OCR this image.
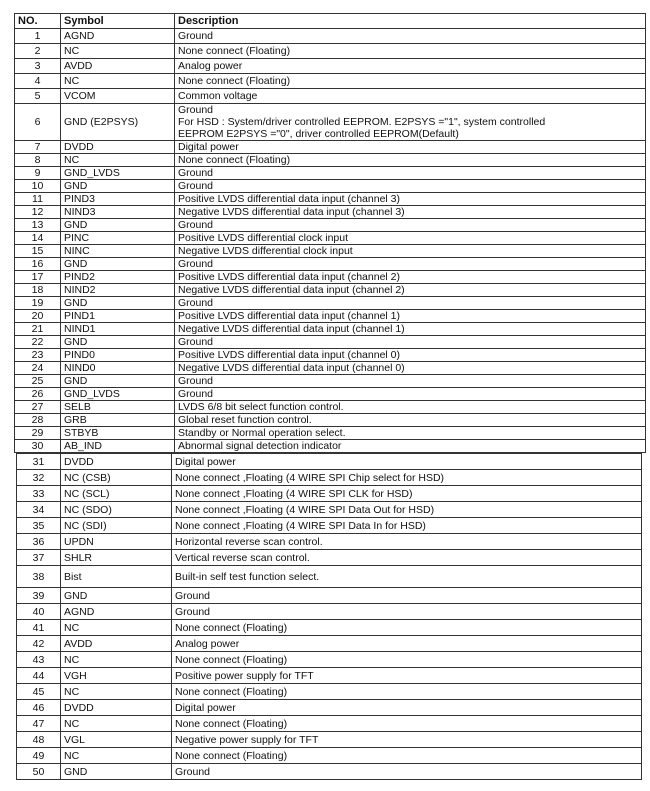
NO.	Symbol	Description
1	AGND	Ground
2	NC	None connect (Floating)
3	AVDD	Analog power
4	NC	None connect (Floating)
5	VCOM	Common voltage
6	GND (E2PSYS)	Ground
For HSD : System/driver controlled EEPROM. E2PSYS ="1", system controlled
EEPROM E2PSYS ="0", driver controlled EEPROM(Default)

7	DVDD	Digital power
8	NC	None connect (Floating)
9	GND_LVDS	Ground
10	GND	Ground
11	PIND3	Positive LVDS differential data input (channel 3)
12	NIND3	Negative LVDS differential data input (channel 3)
13	GND	Ground
14	PINC	Positive LVDS differential clock input
15	NINC	Negative LVDS differential clock input
16	GND	Ground
17	PIND2	Positive LVDS differential data input (channel 2)
18	NIND2	Negative LVDS differential data input (channel 2)
19	GND	Ground
20	PIND1	Positive LVDS differential data input (channel 1)
21	NIND1	Negative LVDS differential data input (channel 1)
22	GND	Ground
23	PIND0	Positive LVDS differential data input (channel 0)
24	NIND0	Negative LVDS differential data input (channel 0)
25	GND	Ground
26	GND_LVDS	Ground
27	SELB	LVDS 6/8 bit select function control.
28	GRB	Global reset function control.
29	STBYB	Standby or Normal operation select.
30	AB_IND	Abnormal signal detection indicator
31	DVDD	Digital power
32	NC (CSB)	None connect ,Floating (4 WIRE SPI Chip select for HSD)
33	NC (SCL)	None connect ,Floating (4 WIRE SPI CLK for HSD)
34	NC (SDO)	None connect ,Floating (4 WIRE SPI Data Out for HSD)
35	NC (SDI)	None connect ,Floating (4 WIRE SPI Data In for HSD)
36	UPDN	Horizontal reverse scan control.
37	SHLR	Vertical reverse scan control.
38	Bist	Built-in self test function select.
39	GND	Ground
40	AGND	Ground
41	NC	None connect (Floating)
42	AVDD	Analog power
43	NC	None connect (Floating)
44	VGH	Positive power supply for TFT
45	NC	None connect (Floating)
46	DVDD	Digital power
47	NC	None connect (Floating)
48	VGL	Negative power supply for TFT
49	NC	None connect (Floating)
50	GND	Ground
